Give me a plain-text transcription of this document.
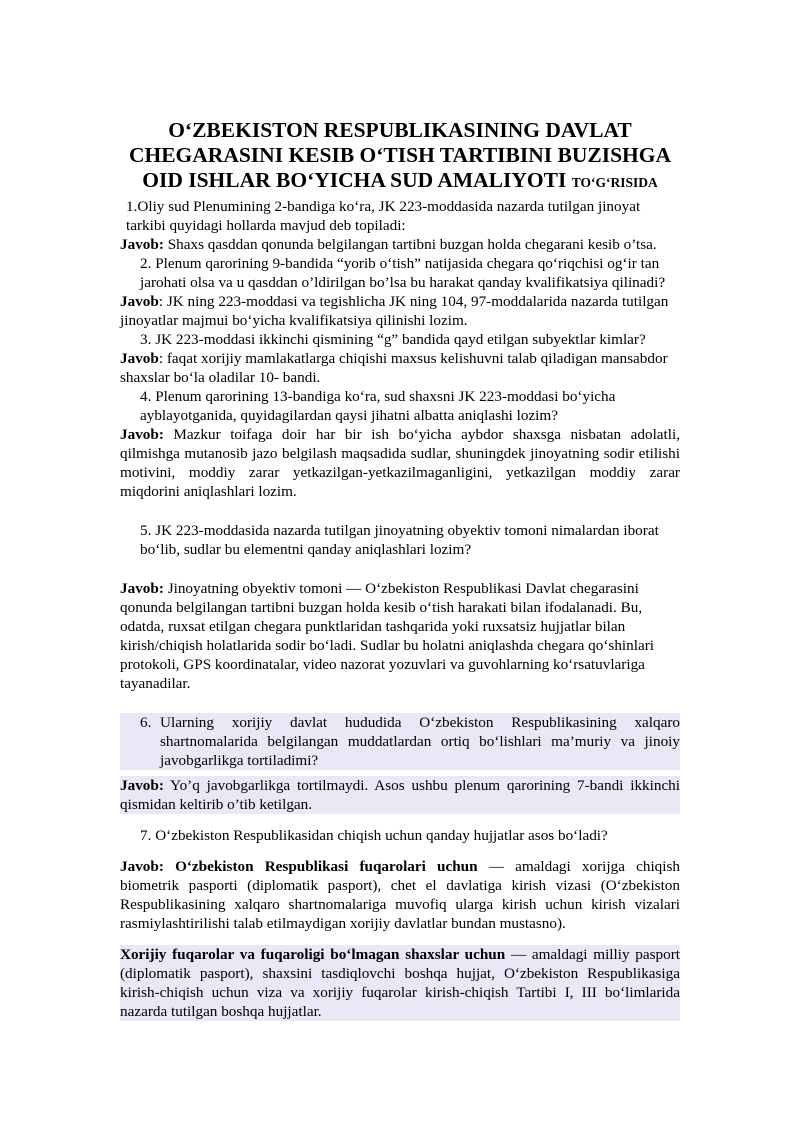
O‘ZBEKISTON RESPUBLIKASINING DAVLAT
CHEGARASINI KESIB O‘TISH TARTIBINI BUZISHGA
OID ISHLAR BO‘YICHA SUD AMALIYOTI TO‘G‘RISIDA

1.Oliy sud Plenumining 2-bandiga ko‘ra, JK 223-moddasida nazarda tutilgan jinoyat tarkibi quyidagi hollarda mavjud deb topiladi:

Javob: Shaxs qasddan qonunda belgilangan tartibni buzgan holda chegarani kesib o’tsa.

2. Plenum qarorining 9-bandida “yorib o‘tish” natijasida chegara qo‘riqchisi og‘ir tan jarohati olsa va u qasddan o’ldirilgan bo’lsa bu harakat qanday kvalifikatsiya qilinadi?

Javob: JK ning 223-moddasi va tegishlicha JK ning 104, 97-moddalarida nazarda tutilgan jinoyatlar majmui bo‘yicha kvalifikatsiya qilinishi lozim.

3. JK 223-moddasi ikkinchi qismining “g” bandida qayd etilgan subyektlar kimlar?

Javob: faqat xorijiy mamlakatlarga chiqishi maxsus kelishuvni talab qiladigan mansabdor shaxslar bo‘la oladilar 10- bandi.

4. Plenum qarorining 13-bandiga ko‘ra, sud shaxsni JK 223-moddasi bo‘yicha ayblayotganida, quyidagilardan qaysi jihatni albatta aniqlashi lozim?

Javob: Mazkur toifaga doir har bir ish bo‘yicha aybdor shaxsga nisbatan adolatli, qilmishga mutanosib jazo belgilash maqsadida sudlar, shuningdek jinoyatning sodir etilishi motivini, moddiy zarar yetkazilgan-yetkazilmaganligini, yetkazilgan moddiy zarar miqdorini aniqlashlari lozim.

5. JK 223-moddasida nazarda tutilgan jinoyatning obyektiv tomoni nimalardan iborat bo‘lib, sudlar bu elementni qanday aniqlashlari lozim?

Javob: Jinoyatning obyektiv tomoni — O‘zbekiston Respublikasi Davlat chegarasini qonunda belgilangan tartibni buzgan holda kesib o‘tish harakati bilan ifodalanadi. Bu, odatda, ruxsat etilgan chegara punktlaridan tashqarida yoki ruxsatsiz hujjatlar bilan kirish/chiqish holatlarida sodir bo‘ladi. Sudlar bu holatni aniqlashda chegara qo‘shinlari protokoli, GPS koordinatalar, video nazorat yozuvlari va guvohlarning ko‘rsatuvlariga tayanadilar.

6. Ularning xorijiy davlat hududida O‘zbekiston Respublikasining xalqaro shartnomalarida belgilangan muddatlardan ortiq bo‘lishlari ma’muriy va jinoiy javobgarlikga tortiladimi?

Javob: Yo’q javobgarlikga tortilmaydi. Asos ushbu plenum qarorining 7-bandi ikkinchi qismidan keltirib o’tib ketilgan.

7. O‘zbekiston Respublikasidan chiqish uchun qanday hujjatlar asos bo‘ladi?

Javob: O‘zbekiston Respublikasi fuqarolari uchun — amaldagi xorijga chiqish biometrik pasporti (diplomatik pasport), chet el davlatiga kirish vizasi (O‘zbekiston Respublikasining xalqaro shartnomalariga muvofiq ularga kirish uchun kirish vizalari rasmiylashtirilishi talab etilmaydigan xorijiy davlatlar bundan mustasno).

Xorijiy fuqarolar va fuqaroligi bo‘lmagan shaxslar uchun — amaldagi milliy pasport (diplomatik pasport), shaxsini tasdiqlovchi boshqa hujjat, O‘zbekiston Respublikasiga kirish-chiqish uchun viza va xorijiy fuqarolar kirish-chiqish Tartibi I, III bo‘limlarida nazarda tutilgan boshqa hujjatlar.
